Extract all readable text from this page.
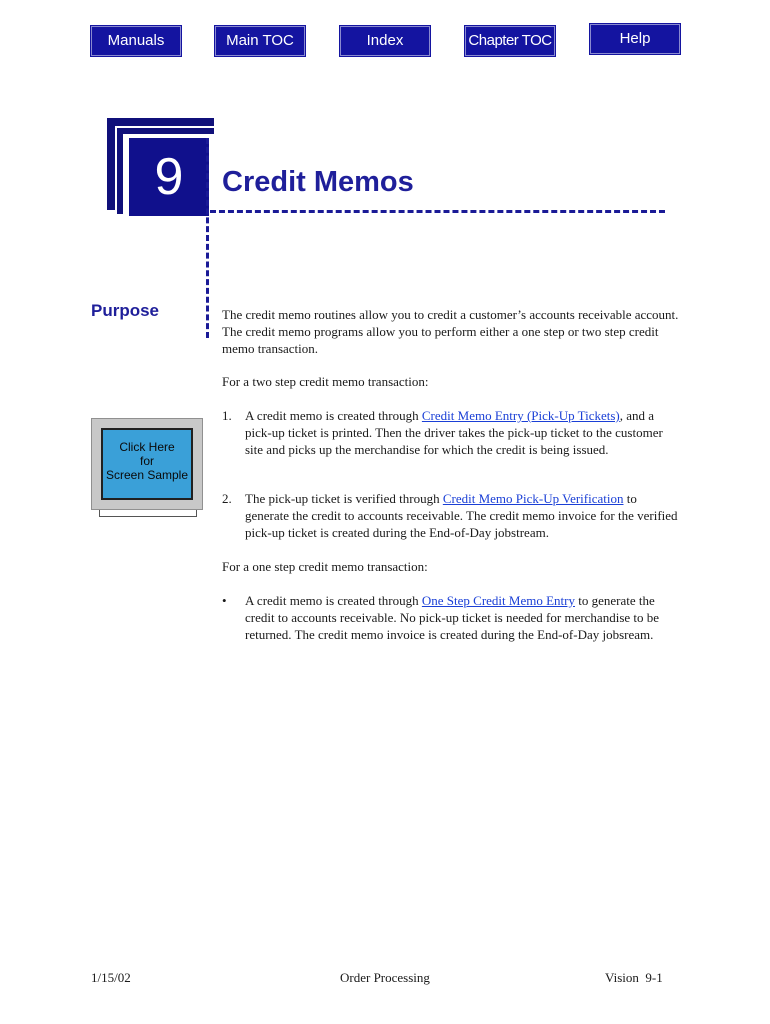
Manuals	Main TOC	Index	Chapter TOC	Help
9	Credit Memos
Purpose	The credit memo routines allow you to credit a customer’s accounts receivable account. The credit memo programs allow you to perform either a one step or two step credit memo transaction.
For a two step credit memo transaction:
1. A credit memo is created through Credit Memo Entry (Pick-Up Tickets), and a pick-up ticket is printed. Then the driver takes the pick-up ticket to the customer site and picks up the merchandise for which the credit is being issued.
2. The pick-up ticket is verified through Credit Memo Pick-Up Verification to generate the credit to accounts receivable. The credit memo invoice for the verified pick-up ticket is created during the End-of-Day jobstream.
For a one step credit memo transaction:
• A credit memo is created through One Step Credit Memo Entry to generate the credit to accounts receivable. No pick-up ticket is needed for merchandise to be returned. The credit memo invoice is created during the End-of-Day jobsream.
Click Here
for
Screen Sample
1/15/02	Order Processing	Vision  9-1
